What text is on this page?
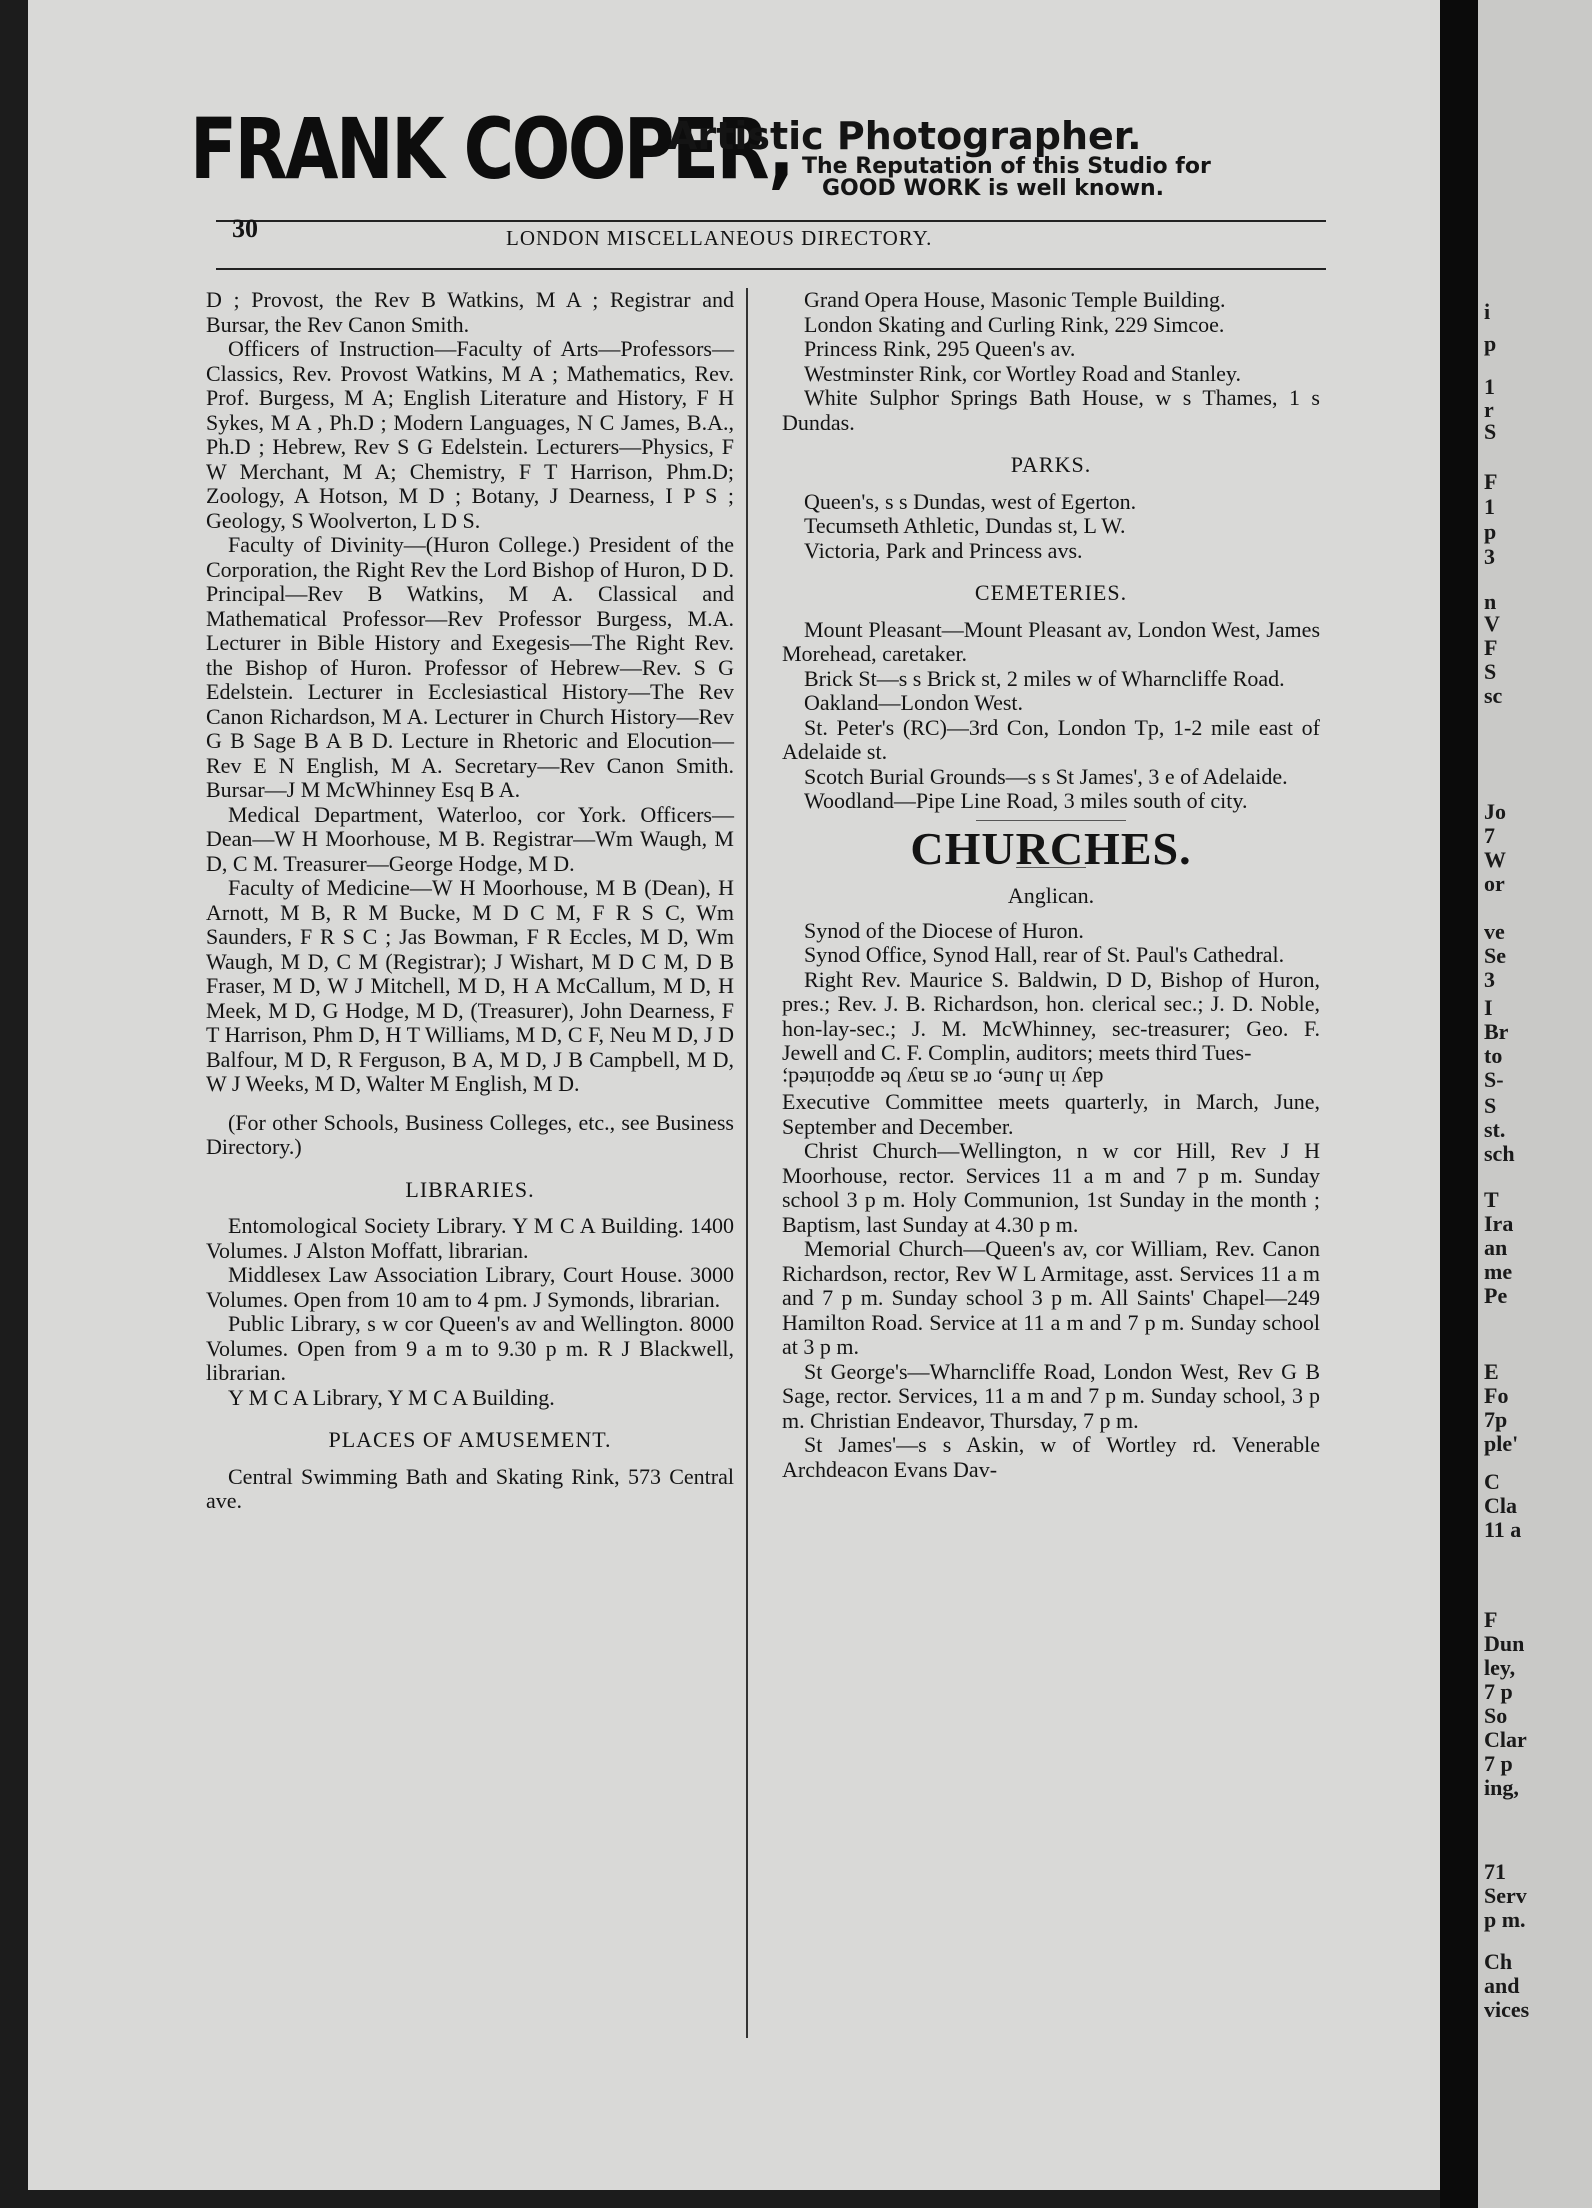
i
p
1
r
S
F
1
p
3
n
V
F
S
sc
Jo
7
W
or
ve
Se
3
I
Br
to
S-
S
st.
sch
T
Ira
an
me
Pe
E
Fo
7p
ple'
C
Cla
11 a
F
Dun
ley,
7 p
So
Clar
7 p
ing,
71
Serv
p m.
Ch
and
vices
FRANK COOPER,
Artistic Photographer.
The Reputation of this Studio for
GOOD WORK is well known.
30	LONDON MISCELLANEOUS DIRECTORY.

D ; Provost, the Rev B Watkins, M A ; Registrar and Bursar, the Rev Canon Smith.

Officers of Instruction—Faculty of Arts—Professors—Classics, Rev. Provost Watkins, M A ; Mathematics, Rev. Prof. Burgess, M A; English Literature and History, F H Sykes, M A , Ph.D ; Modern Languages, N C James, B.A., Ph.D ; Hebrew, Rev S G Edelstein. Lecturers—Physics, F W Merchant, M A; Chemistry, F T Harrison, Phm.D; Zoology, A Hotson, M D ; Botany, J Dearness, I P S ; Geology, S Woolverton, L D S.

Faculty of Divinity—(Huron College.) President of the Corporation, the Right Rev the Lord Bishop of Huron, D D. Principal—Rev B Watkins, M A. Classical and Mathematical Professor—Rev Professor Burgess, M.A. Lecturer in Bible History and Exegesis—The Right Rev. the Bishop of Huron. Professor of Hebrew—Rev. S G Edelstein. Lecturer in Ecclesiastical History—The Rev Canon Richardson, M A. Lecturer in Church History—Rev G B Sage B A B D. Lecture in Rhetoric and Elocution—Rev E N English, M A. Secretary—Rev Canon Smith. Bursar—J M McWhinney Esq B A.

Medical Department, Waterloo, cor York. Officers—Dean—W H Moorhouse, M B. Registrar—Wm Waugh, M D, C M. Treasurer—George Hodge, M D.

Faculty of Medicine—W H Moorhouse, M B (Dean), H Arnott, M B, R M Bucke, M D C M, F R S C, Wm Saunders, F R S C ; Jas Bowman, F R Eccles, M D, Wm Waugh, M D, C M (Registrar); J Wishart, M D C M, D B Fraser, M D, W J Mitchell, M D, H A McCallum, M D, H Meek, M D, G Hodge, M D, (Treasurer), John Dearness, F T Harrison, Phm D, H T Williams, M D, C F, Neu M D, J D Balfour, M D, R Ferguson, B A, M D, J B Campbell, M D, W J Weeks, M D, Walter M English, M D.

(For other Schools, Business Colleges, etc., see Business Directory.)

LIBRARIES.

Entomological Society Library. Y M C A Building. 1400 Volumes. J Alston Moffatt, librarian.

Middlesex Law Association Library, Court House. 3000 Volumes. Open from 10 am to 4 pm. J Symonds, librarian.

Public Library, s w cor Queen's av and Wellington. 8000 Volumes. Open from 9 a m to 9.30 p m. R J Blackwell, librarian.

Y M C A Library, Y M C A Building.

PLACES OF AMUSEMENT.

Central Swimming Bath and Skating Rink, 573 Central ave.

Grand Opera House, Masonic Temple Building.

London Skating and Curling Rink, 229 Simcoe.

Princess Rink, 295 Queen's av.

Westminster Rink, cor Wortley Road and Stanley.

White Sulphor Springs Bath House, w s Thames, 1 s Dundas.

PARKS.

Queen's, s s Dundas, west of Egerton.

Tecumseth Athletic, Dundas st, L W.

Victoria, Park and Princess avs.

CEMETERIES.

Mount Pleasant—Mount Pleasant av, London West, James Morehead, caretaker.

Brick St—s s Brick st, 2 miles w of Wharncliffe Road.

Oakland—London West.

St. Peter's (RC)—3rd Con, London Tp, 1-2 mile east of Adelaide st.

Scotch Burial Grounds—s s St James', 3 e of Adelaide.

Woodland—Pipe Line Road, 3 miles south of city.

CHURCHES.
Anglican.

Synod of the Diocese of Huron.

Synod Office, Synod Hall, rear of St. Paul's Cathedral.

Right Rev. Maurice S. Baldwin, D D, Bishop of Huron, pres.; Rev. J. B. Richardson, hon. clerical sec.; J. D. Noble, hon-lay-sec.; J. M. McWhinney, sec-treasurer; Geo. F. Jewell and C. F. Complin, auditors; meets third Tues-

day in June, or as may be appointed;

Executive Committee meets quarterly, in March, June, September and December.

Christ Church—Wellington, n w cor Hill, Rev J H Moorhouse, rector. Services 11 a m and 7 p m. Sunday school 3 p m. Holy Communion, 1st Sunday in the month ; Baptism, last Sunday at 4.30 p m.

Memorial Church—Queen's av, cor William, Rev. Canon Richardson, rector, Rev W L Armitage, asst. Services 11 a m and 7 p m. Sunday school 3 p m. All Saints' Chapel—249 Hamilton Road. Service at 11 a m and 7 p m. Sunday school at 3 p m.

St George's—Wharncliffe Road, London West, Rev G B Sage, rector. Services, 11 a m and 7 p m. Sunday school, 3 p m. Christian Endeavor, Thursday, 7 p m.

St James'—s s Askin, w of Wortley rd. Venerable Archdeacon Evans Dav-
